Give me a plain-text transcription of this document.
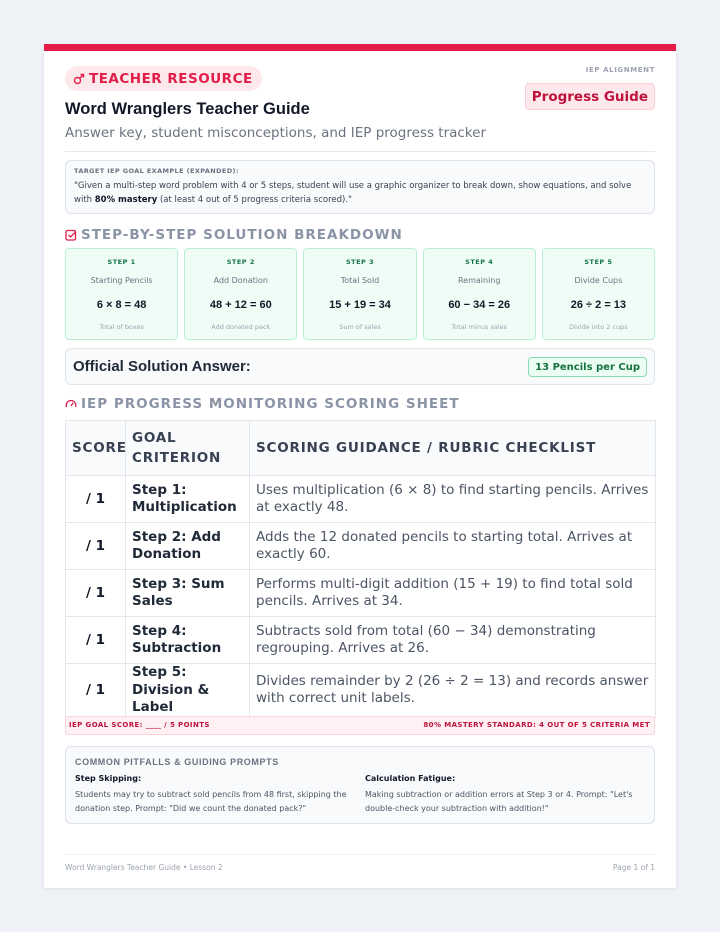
TEACHER RESOURCE
Word Wranglers Teacher Guide
Answer key, student misconceptions, and IEP progress tracker
IEP ALIGNMENT
Progress Guide
TARGET IEP GOAL EXAMPLE (EXPANDED):
"Given a multi-step word problem with 4 or 5 steps, student will use a graphic organizer to break down, show equations, and solve with 80% mastery (at least 4 out of 5 progress criteria scored)."
STEP-BY-STEP SOLUTION BREAKDOWN
STEP 1
Starting Pencils
6 × 8 = 48
Total of boxes
STEP 2
Add Donation
48 + 12 = 60
Add donated pack
STEP 3
Total Sold
15 + 19 = 34
Sum of sales
STEP 4
Remaining
60 − 34 = 26
Total minus sales
STEP 5
Divide Cups
26 ÷ 2 = 13
Divide into 2 cups
Official Solution Answer:	13 Pencils per Cup
IEP PROGRESS MONITORING SCORING SHEET
SCORE	GOAL CRITERION	SCORING GUIDANCE / RUBRIC CHECKLIST
/ 1	Step 1: Multiplication	Uses multiplication (6 × 8) to find starting pencils. Arrives at exactly 48.
/ 1	Step 2: Add Donation	Adds the 12 donated pencils to starting total. Arrives at exactly 60.
/ 1	Step 3: Sum Sales	Performs multi-digit addition (15 + 19) to find total sold pencils. Arrives at 34.
/ 1	Step 4: Subtraction	Subtracts sold from total (60 − 34) demonstrating regrouping. Arrives at 26.
/ 1	Step 5: Division & Label	Divides remainder by 2 (26 ÷ 2 = 13) and records answer with correct unit labels.
IEP GOAL SCORE: ____ / 5 POINTS	80% MASTERY STANDARD: 4 OUT OF 5 CRITERIA MET
COMMON PITFALLS & GUIDING PROMPTS
Step Skipping:
Students may try to subtract sold pencils from 48 first, skipping the donation step. Prompt: "Did we count the donated pack?"
Calculation Fatigue:
Making subtraction or addition errors at Step 3 or 4. Prompt: "Let's double-check your subtraction with addition!"
Word Wranglers Teacher Guide • Lesson 2	Page 1 of 1
